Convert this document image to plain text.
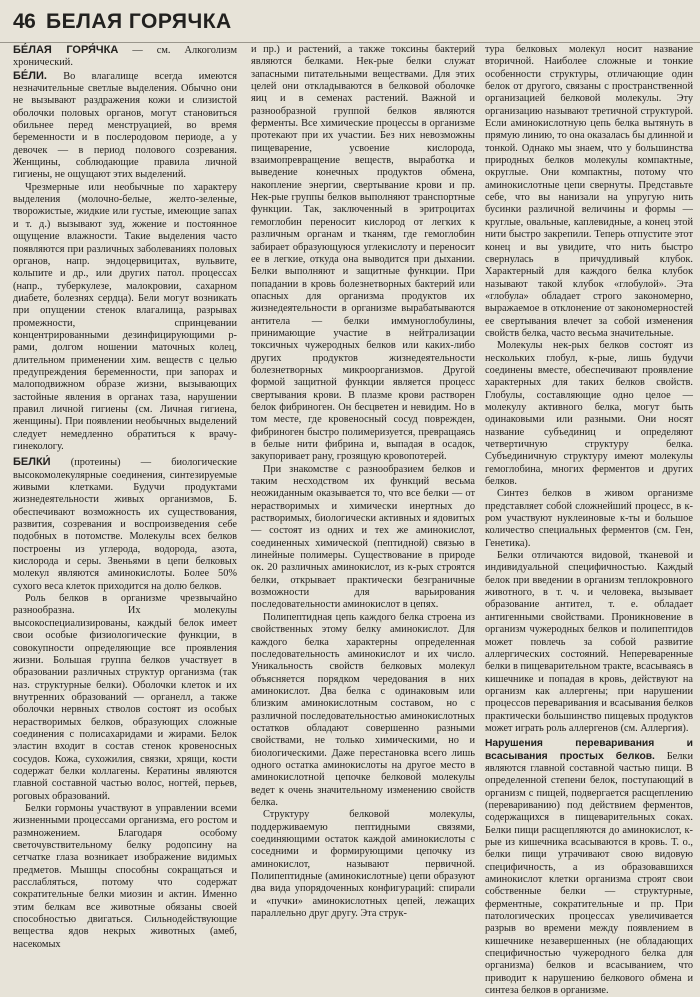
46 БЕЛАЯ ГОРЯЧКА

БЕ́ЛАЯ ГОРЯ́ЧКА — см. Алкоголизм хронический.

БЕ́ЛИ. Во влагалище всегда имеются незначительные светлые выделения. Обычно они не вызывают раздражения кожи и слизистой оболочки половых органов, могут становиться обильнее перед менструацией, во время беременности и в послеродовом периоде, а у девочек — в период полового созревания. Женщины, соблюдающие правила личной гигиены, не ощущают этих выделений.

Чрезмерные или необычные по характеру выделения (молочно-белые, желто-зеленые, творожистые, жидкие или густые, имеющие запах и т. д.) вызывают зуд, жжение и постоянное ощущение влажности. Такие выделения часто появляются при различных заболеваниях половых органов, напр. эндоцервицитах, вульвите, кольпите и др., или других патол. процессах (напр., туберкулезе, малокровии, сахарном диабете, болезнях сердца). Бели могут возникать при опущении стенок влагалища, разрывах промежности, спринцевании концентрированными дезинфицирующими р-рами, долгом ношении маточных колец, длительном применении хим. веществ с целью предупреждения беременности, при запорах и малоподвижном образе жизни, вызывающих застойные явления в органах таза, нарушении правил личной гигиены (см. Личная гигиена, женщины). При появлении необычных выделений следует немедленно обратиться к врачу-гинекологу.

БЕЛКИ́ (протеины) — биологические высокомолекулярные соединения, синтезируемые живыми клетками. Будучи продуктами жизнедеятельности живых организмов, Б. обеспечивают возможность их существования, развития, созревания и воспроизведения себе подобных в потомстве. Молекулы всех белков построены из углерода, водорода, азота, кислорода и серы. Звеньями в цепи белковых молекул являются аминокислоты. Более 50% сухого веса клеток приходится на долю белков.

Роль белков в организме чрезвычайно разнообразна. Их молекулы высокоспециализированы, каждый белок имеет свои особые физиологические функции, в совокупности определяющие все проявления жизни. Большая группа белков участвует в образовании различных структур организма (так наз. структурные белки). Оболочки клеток и их внутренних образований — органелл, а также оболочки нервных стволов состоят из особых нерастворимых белков, образующих сложные соединения с полисахаридами и жирами. Белок эластин входит в состав стенок кровеносных сосудов. Кожа, сухожилия, связки, хрящи, кости содержат белки коллагены. Кератины являются главной составной частью волос, ногтей, перьев, роговых образований.

Белки гормоны участвуют в управлении всеми жизненными процессами организма, его ростом и размножением. Благодаря особому светочувствительному белку родопсину на сетчатке глаза возникает изображение видимых предметов. Мышцы способны сокращаться и расслабляться, потому что содержат сократительные белки миозин и актин. Именно этим белкам все животные обязаны своей способностью двигаться. Сильнодействующие вещества ядов некрых животных (амеб, насекомых

и пр.) и растений, а также токсины бактерий являются белками. Нек-рые белки служат запасными питательными веществами. Для этих целей они откладываются в белковой оболочке яиц и в семенах растений. Важной и разнообразной группой белков являются ферменты. Все химические процессы в организме протекают при их участии. Без них невозможны пищеварение, усвоение кислорода, взаимопревращение веществ, выработка и выведение конечных продуктов обмена, накопление энергии, свертывание крови и пр. Нек-рые группы белков выполняют транспортные функции. Так, заключенный в эритроцитах гемоглобин переносит кислород от легких к различным органам и тканям, где гемоглобин забирает образующуюся углекислоту и переносит ее в легкие, откуда она выводится при дыхании. Белки выполняют и защитные функции. При попадании в кровь болезнетворных бактерий или опасных для организма продуктов их жизнедеятельности в организме вырабатываются антитела — белки иммуноглобулины, принимающие участие в нейтрализации токсичных чужеродных белков или каких-либо других продуктов жизнедеятельности болезнетворных микроорганизмов. Другой формой защитной функции является процесс свертывания крови. В плазме крови растворен белок фибриноген. Он бесцветен и невидим. Но в том месте, где кровеносный сосуд поврежден, фибриноген быстро полимеризуется, превращаясь в белые нити фибрина и, выпадая в осадок, закупоривает рану, грозящую кровопотерей.

При знакомстве с разнообразием белков и таким несходством их функций весьма неожиданным оказывается то, что все белки — от нерастворимых и химически инертных до растворимых, биологически активных и ядовитых — состоят из одних и тех же аминокислот, соединенных химической (пептидной) связью в линейные полимеры. Существование в природе ок. 20 различных аминокислот, из к-рых строятся белки, открывает практически безграничные возможности для варьирования последовательности аминокислот в цепях.

Полипептидная цепь каждого белка строена из свойственных этому белку аминокислот. Для каждого белка характерны определенная последовательность аминокислот и их число. Уникальность свойств белковых молекул объясняется порядком чередования в них аминокислот. Два белка с одинаковым или близким аминокислотным составом, но с различной последовательностью аминокислотных остатков обладают совершенно разными свойствами, не только химическими, но и биологическими. Даже перестановка всего лишь одного остатка аминокислоты на другое место в аминокислотной цепочке белковой молекулы ведет к очень значительному изменению свойств белка.

Структуру белковой молекулы, поддерживаемую пептидными связями, соединяющими остаток каждой аминокислоты с соседними и формирующими цепочку из аминокислот, называют первичной. Полипептидные (аминокислотные) цепи образуют два вида упорядоченных конфигураций: спирали и «пучки» аминокислотных цепей, лежащих параллельно друг другу. Эта струк-

тура белковых молекул носит название вторичной. Наиболее сложные и тонкие особенности структуры, отличающие один белок от другого, связаны с пространственной организацией белковой молекулы. Эту организацию называют третичной структурой. Если аминокислотную цепь белка вытянуть в прямую линию, то она оказалась бы длинной и тонкой. Однако мы знаем, что у большинства природных белков молекулы компактные, округлые. Они компактны, потому что аминокислотные цепи свернуты. Представьте себе, что вы нанизали на упругую нить бусинки различной величины и формы — круглые, овальные, каплевидные, а конец этой нити быстро закрепили. Теперь отпустите этот конец и вы увидите, что нить быстро свернулась в причудливый клубок. Характерный для каждого белка клубок называют такой клубок «глобулой». Эта «глобула» обладает строго закономерно, выражаемое в отклонение от закономерностей ее свертывания влечет за собой изменения свойств белка, часто весьма значительные.

Молекулы нек-рых белков состоят из нескольких глобул, к-рые, лишь будучи соединены вместе, обеспечивают проявление характерных для таких белков свойств. Глобулы, составляющие одно целое — молекулу активного белка, могут быть одинаковыми или разными. Они носят название субъединиц и определяют четвертичную структуру белка. Субъединичную структуру имеют молекулы гемоглобина, многих ферментов и других белков.

Синтез белков в живом организме представляет собой сложнейший процесс, в к-ром участвуют нуклеиновые к-ты и большое количество специальных ферментов (см. Ген, Генетика).

Белки отличаются видовой, тканевой и индивидуальной специфичностью. Каждый белок при введении в организм теплокровного животного, в т. ч. и человека, вызывает образование антител, т. е. обладает антигенными свойствами. Проникновение в организм чужеродных белков и полипептидов может повлечь за собой развитие аллергических состояний. Непереваренные белки в пищеварительном тракте, всасываясь в кишечнике и попадая в кровь, действуют на организм как аллергены; при нарушении процессов переваривания и всасывания белков практически большинство пищевых продуктов может играть роль аллергенов (см. Аллергия).

Нарушения переваривания и всасывания простых белков. Белки являются главной составной частью пищи. В определенной степени белок, поступающий в организм с пищей, подвергается расщеплению (перевариванию) под действием ферментов, содержащихся в пищеварительных соках. Белки пищи расщепляются до аминокислот, к-рые из кишечника всасываются в кровь. Т. о., белки пищи утрачивают свою видовую специфичность, а из образовавшихся аминокислот клетки организма строят свои собственные белки — структурные, ферментные, сократительные и пр. При патологических процессах увеличивается разрыв во времени между появлением в кишечнике незавершенных (не обладающих специфичностью чужеродного белка для организма) белков и всасыванием, что приводит к нарушению белкового обмена и синтеза белков в организме.
